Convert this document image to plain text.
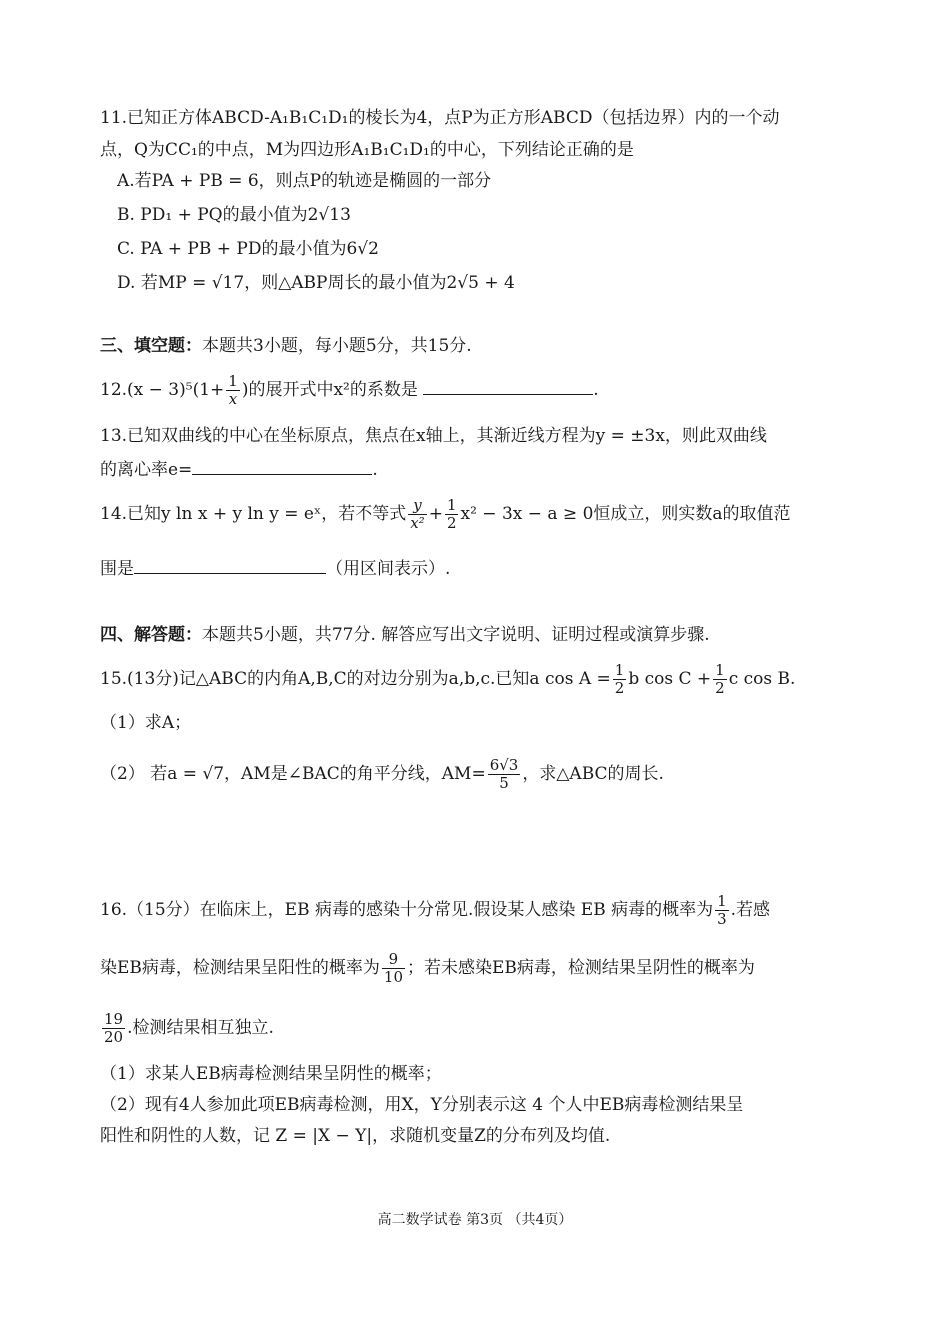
11.已知正方体ABCD-A₁B₁C₁D₁的棱长为4，点P为正方形ABCD（包括边界）内的一个动
点，Q为CC₁的中点，M为四边形A₁B₁C₁D₁的中心，下列结论正确的是
A.若PA + PB = 6，则点P的轨迹是椭圆的一部分
B. PD₁ + PQ的最小值为2√13
C. PA + PB + PD的最小值为6√2
D. 若MP = √17，则△ABP周长的最小值为2√5 + 4
三、填空题：本题共3小题，每小题5分，共15分.
$12.(x - 3)^5(1+ \frac{1}{x}$ )的展开式中x²的系数是	.
13.已知双曲线的中心在坐标原点，焦点在x轴上，其渐近线方程为y = ±3x，则此双曲线
的离心率e=	.
14.已知y ln x + y ln y = eˣ，若不等式 $\frac{y}{\text{x²}} + \frac{1}{2} x^2 - 3x - a \ge 0$恒成立，则实数a的取值范
围是	（用区间表示）.
四、解答题：本题共5小题，共77分. 解答应写出文字说明、证明过程或演算步骤.
15.(13分)记△ABC的内角A,B,C的对边分别为a,b,c.已知a $\cos A = \frac{1}{2}$ b $\cos C + \frac{1}{2}$ c cos B.
（1）求A；
（2） 若a = √7，AM是∠BAC的角平分线，$AM= \frac{6√3}{5}$ ，求△ABC的周长.
16.（15分）在临床上，EB 病毒的感染十分常见.假设某人感染 EB 病毒的概率为 $\frac{1}{3}$ .若感
染EB病毒，检测结果呈阳性的概率为 $\frac{9}{10}$ ；若未感染EB病毒，检测结果呈阴性的概率为
$\frac{19}{20}$ .检测结果相互独立.
（1）求某人EB病毒检测结果呈阴性的概率；
（2）现有4人参加此项EB病毒检测，用X，Y分别表示这 4 个人中EB病毒检测结果呈
阳性和阴性的人数，记 Z = |X − Y|，求随机变量Z的分布列及均值.
高二数学试卷 第3页 （共4页）
